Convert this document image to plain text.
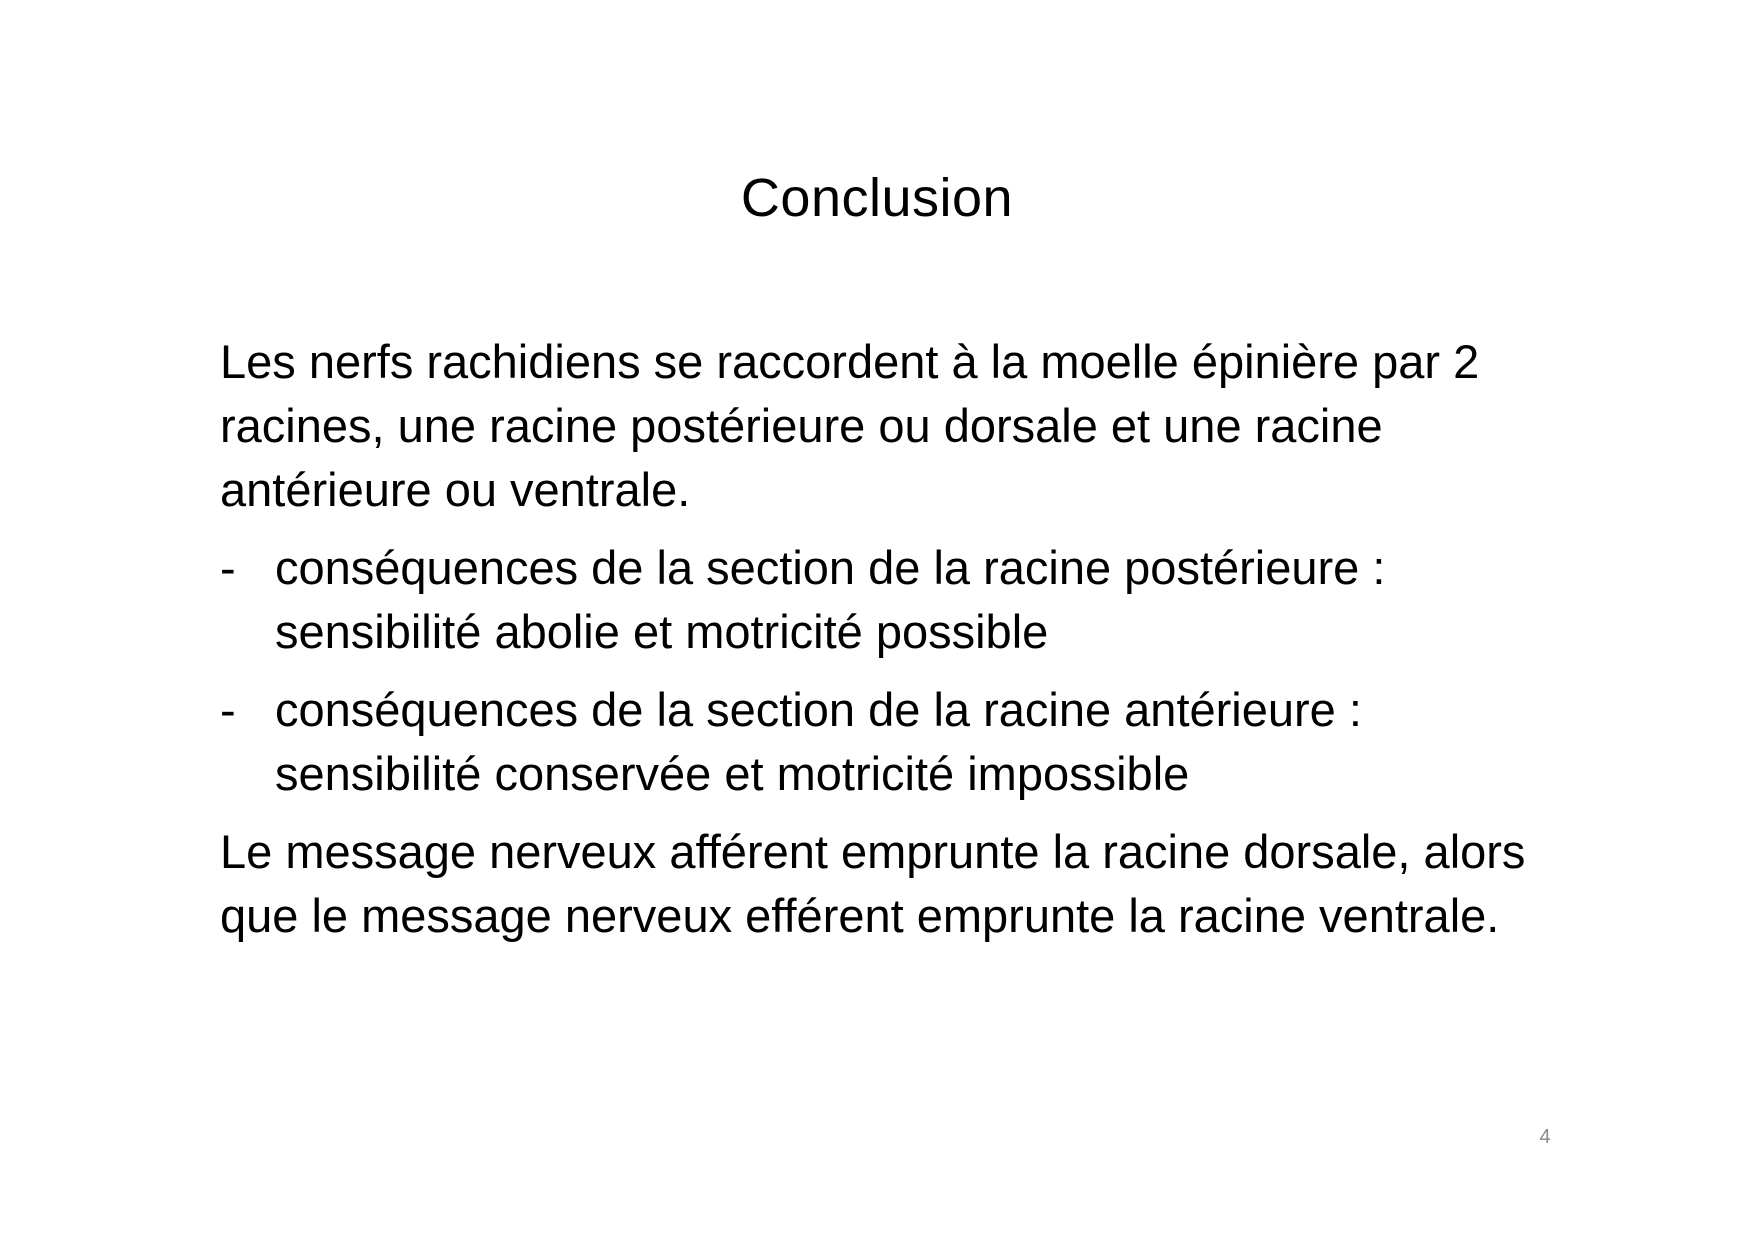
Conclusion

Les nerfs rachidiens se raccordent à la moelle épinière par 2 racines, une racine postérieure ou dorsale et une racine antérieure ou ventrale.

- conséquences de la section de la racine postérieure : sensibilité abolie et motricité possible
- conséquences de la section de la racine antérieure : sensibilité conservée et motricité impossible

Le message nerveux afférent emprunte la racine dorsale, alors que le message nerveux efférent emprunte la racine ventrale.

4
